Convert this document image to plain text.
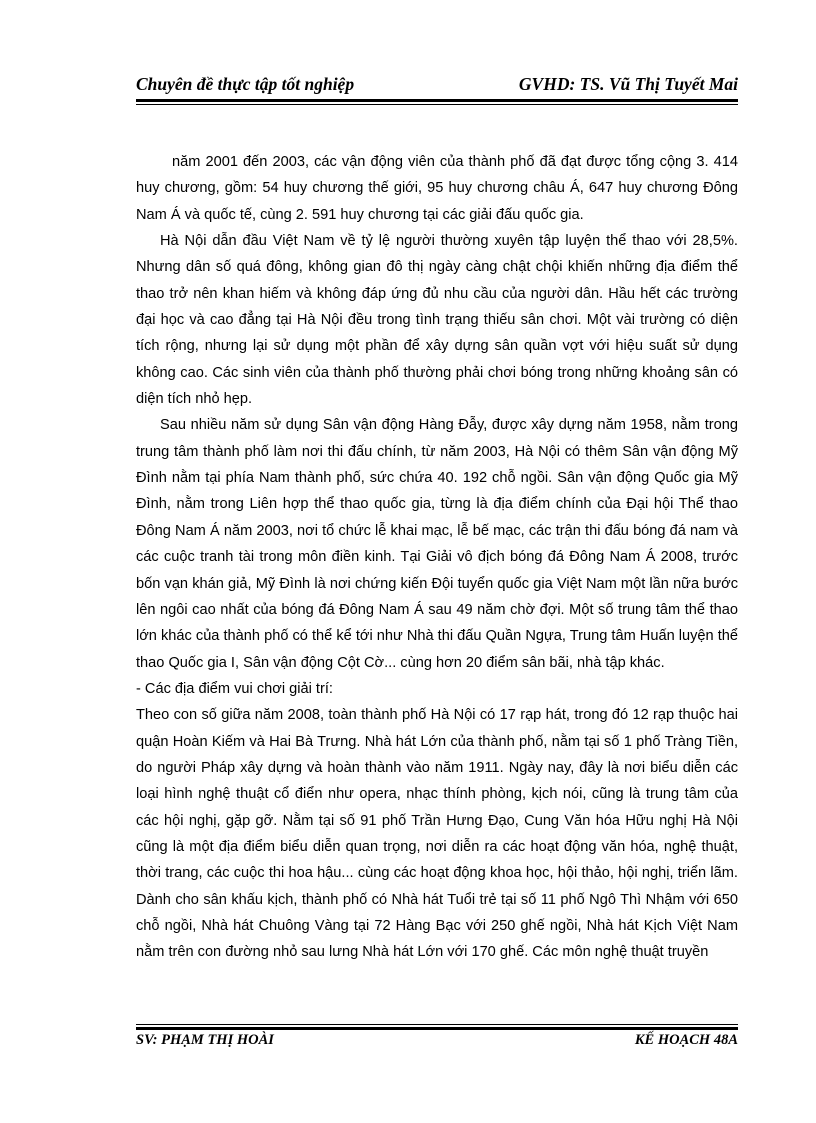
Chuyên đề thực tập tốt nghiệp	GVHD: TS. Vũ Thị Tuyết Mai

năm 2001 đến 2003, các vận động viên của thành phố đã đạt được tổng cộng 3. 414 huy chương, gồm: 54 huy chương thế giới, 95 huy chương châu Á, 647 huy chương Đông Nam Á và quốc tế, cùng 2. 591 huy chương tại các giải đấu quốc gia.

Hà Nội dẫn đầu Việt Nam về tỷ lệ người thường xuyên tập luyện thể thao với 28,5%. Nhưng dân số quá đông, không gian đô thị ngày càng chật chội khiến những địa điểm thể thao trở nên khan hiếm và không đáp ứng đủ nhu cầu của người dân. Hầu hết các trường đại học và cao đẳng tại Hà Nội đều trong tình trạng thiếu sân chơi. Một vài trường có diện tích rộng, nhưng lại sử dụng một phần để xây dựng sân quần vợt với hiệu suất sử dụng không cao. Các sinh viên của thành phố thường phải chơi bóng trong những khoảng sân có diện tích nhỏ hẹp.

Sau nhiều năm sử dụng Sân vận động Hàng Đẫy, được xây dựng năm 1958, nằm trong trung tâm thành phố làm nơi thi đấu chính, từ năm 2003, Hà Nội có thêm Sân vận động Mỹ Đình nằm tại phía Nam thành phố, sức chứa 40. 192 chỗ ngồi. Sân vận động Quốc gia Mỹ Đình, nằm trong Liên hợp thể thao quốc gia, từng là địa điểm chính của Đại hội Thể thao Đông Nam Á năm 2003, nơi tổ chức lễ khai mạc, lễ bế mạc, các trận thi đấu bóng đá nam và các cuộc tranh tài trong môn điền kinh. Tại Giải vô địch bóng đá Đông Nam Á 2008, trước bốn vạn khán giả, Mỹ Đình là nơi chứng kiến Đội tuyển quốc gia Việt Nam một lần nữa bước lên ngôi cao nhất của bóng đá Đông Nam Á sau 49 năm chờ đợi. Một số trung tâm thể thao lớn khác của thành phố có thể kể tới như Nhà thi đấu Quần Ngựa, Trung tâm Huấn luyện thể thao Quốc gia I, Sân vận động Cột Cờ... cùng hơn 20 điểm sân bãi, nhà tập khác.

- Các địa điểm vui chơi giải trí:

Theo con số giữa năm 2008, toàn thành phố Hà Nội có 17 rạp hát, trong đó 12 rạp thuộc hai quận Hoàn Kiếm và Hai Bà Trưng. Nhà hát Lớn của thành phố, nằm tại số 1 phố Tràng Tiền, do người Pháp xây dựng và hoàn thành vào năm 1911. Ngày nay, đây là nơi biểu diễn các loại hình nghệ thuật cổ điển như opera, nhạc thính phòng, kịch nói, cũng là trung tâm của các hội nghị, gặp gỡ. Nằm tại số 91 phố Trần Hưng Đạo, Cung Văn hóa Hữu nghị Hà Nội cũng là một địa điểm biểu diễn quan trọng, nơi diễn ra các hoạt động văn hóa, nghệ thuật, thời trang, các cuộc thi hoa hậu... cùng các hoạt động khoa học, hội thảo, hội nghị, triển lãm. Dành cho sân khấu kịch, thành phố có Nhà hát Tuổi trẻ tại số 11 phố Ngô Thì Nhậm với 650 chỗ ngồi, Nhà hát Chuông Vàng tại 72 Hàng Bạc với 250 ghế ngồi, Nhà hát Kịch Việt Nam nằm trên con đường nhỏ sau lưng Nhà hát Lớn với 170 ghế. Các môn nghệ thuật truyền

SV: PHẠM THỊ HOÀI	KẾ HOẠCH 48A
